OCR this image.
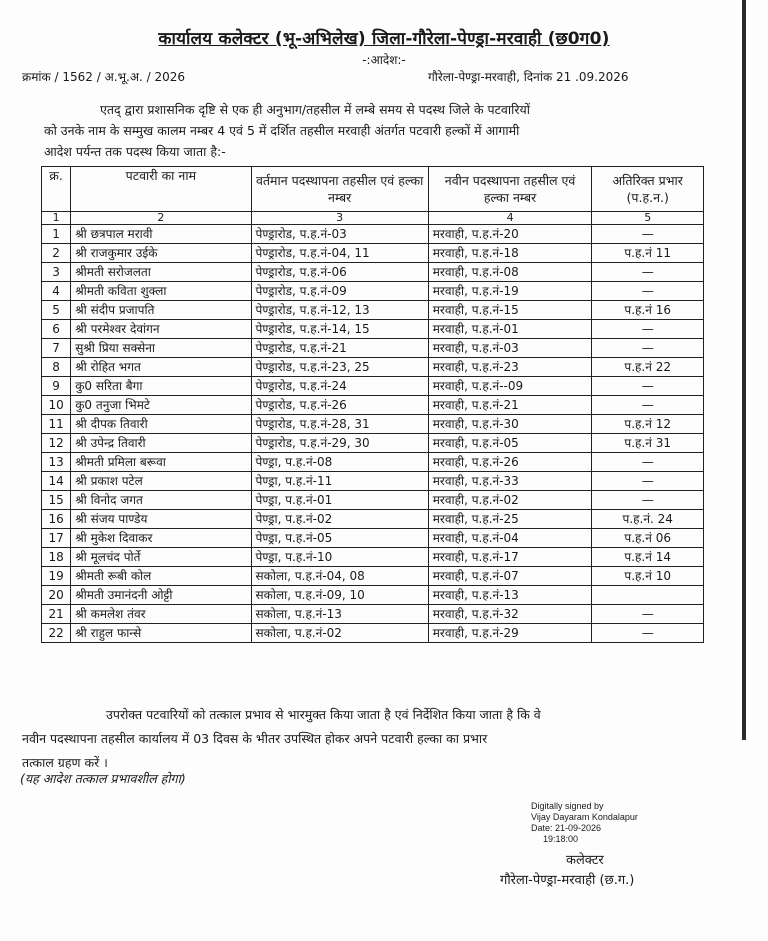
कार्यालय कलेक्टर (भू-अभिलेख) जिला-गौरेला-पेण्ड्रा-मरवाही (छ0ग0)
-:आदेश:-
क्रमांक / 1562 / अ.भू.अ. / 2026	गौरेला-पेण्ड्रा-मरवाही, दिनांक 21 .09.2026
एतद् द्वारा प्रशासनिक दृष्टि से एक ही अनुभाग/तहसील में लम्बे समय से पदस्थ जिले के पटवारियों
को उनके नाम के सम्मुख कालम नम्बर 4 एवं 5 में दर्शित तहसील मरवाही अंतर्गत पटवारी हल्कों में आगामी
आदेश पर्यन्त तक पदस्थ किया जाता है:-
क्र.	पटवारी का नाम	वर्तमान पदस्थापना तहसील एवं हल्का नम्बर	नवीन पदस्थापना तहसील एवं हल्का नम्बर	अतिरिक्त प्रभार (प.ह.न.)
1	2	3	4	5
1	श्री छत्रपाल मरावी	पेण्ड्रारोड, प.ह.नं-03	मरवाही, प.ह.नं-20	—
2	श्री राजकुमार उईके	पेण्ड्रारोड, प.ह.नं-04, 11	मरवाही, प.ह.नं-18	प.ह.नं 11
3	श्रीमती सरोजलता	पेण्ड्रारोड, प.ह.नं-06	मरवाही, प.ह.नं-08	—
4	श्रीमती कविता शुक्ला	पेण्ड्रारोड, प.ह.नं-09	मरवाही, प.ह.नं-19	—
5	श्री संदीप प्रजापति	पेण्ड्रारोड, प.ह.नं-12, 13	मरवाही, प.ह.नं-15	प.ह.नं 16
6	श्री परमेश्वर देवांगन	पेण्ड्रारोड, प.ह.नं-14, 15	मरवाही, प.ह.नं-01	—
7	सुश्री प्रिया सक्सेना	पेण्ड्रारोड, प.ह.नं-21	मरवाही, प.ह.नं-03	—
8	श्री रोहित भगत	पेण्ड्रारोड, प.ह.नं-23, 25	मरवाही, प.ह.नं-23	प.ह.नं 22
9	कु0 सरिता बैगा	पेण्ड्रारोड, प.ह.नं-24	मरवाही, प.ह.नं--09	—
10	कु0 तनुजा भिमटे	पेण्ड्रारोड, प.ह.नं-26	मरवाही, प.ह.नं-21	—
11	श्री दीपक तिवारी	पेण्ड्रारोड, प.ह.नं-28, 31	मरवाही, प.ह.नं-30	प.ह.नं 12
12	श्री उपेन्द्र तिवारी	पेण्ड्रारोड, प.ह.नं-29, 30	मरवाही, प.ह.नं-05	प.ह.नं 31
13	श्रीमती प्रमिला बरूवा	पेण्ड्रा, प.ह.नं-08	मरवाही, प.ह.नं-26	—
14	श्री प्रकाश पटेल	पेण्ड्रा, प.ह.नं-11	मरवाही, प.ह.नं-33	—
15	श्री विनोद जगत	पेण्ड्रा, प.ह.नं-01	मरवाही, प.ह.नं-02	—
16	श्री संजय पाण्डेय	पेण्ड्रा, प.ह.नं-02	मरवाही, प.ह.नं-25	प.ह.नं. 24
17	श्री मुकेश दिवाकर	पेण्ड्रा, प.ह.नं-05	मरवाही, प.ह.नं-04	प.ह.नं 06
18	श्री मूलचंद पोर्ते	पेण्ड्रा, प.ह.नं-10	मरवाही, प.ह.नं-17	प.ह.नं 14
19	श्रीमती रूबी कोल	सकोला, प.ह.नं-04, 08	मरवाही, प.ह.नं-07	प.ह.नं 10
20	श्रीमती उमानंदनी ओट्टी	सकोला, प.ह.नं-09, 10	मरवाही, प.ह.नं-13	
21	श्री कमलेश तंवर	सकोला, प.ह.नं-13	मरवाही, प.ह.नं-32	—
22	श्री राहुल फान्से	सकोला, प.ह.नं-02	मरवाही, प.ह.नं-29	—
उपरोक्त पटवारियों को तत्काल प्रभाव से भारमुक्त किया जाता है एवं निर्देशित किया जाता है कि वे
नवीन पदस्थापना तहसील कार्यालय में 03 दिवस के भीतर उपस्थित होकर अपने पटवारी हल्का का प्रभार
तत्काल ग्रहण करें ।
(यह आदेश तत्काल प्रभावशील होगा)
Digitally signed by
Vijay Dayaram Kondalapur
Date: 21-09-2026
19:18:00
कलेक्टर
गौरेला-पेण्ड्रा-मरवाही (छ.ग.)
